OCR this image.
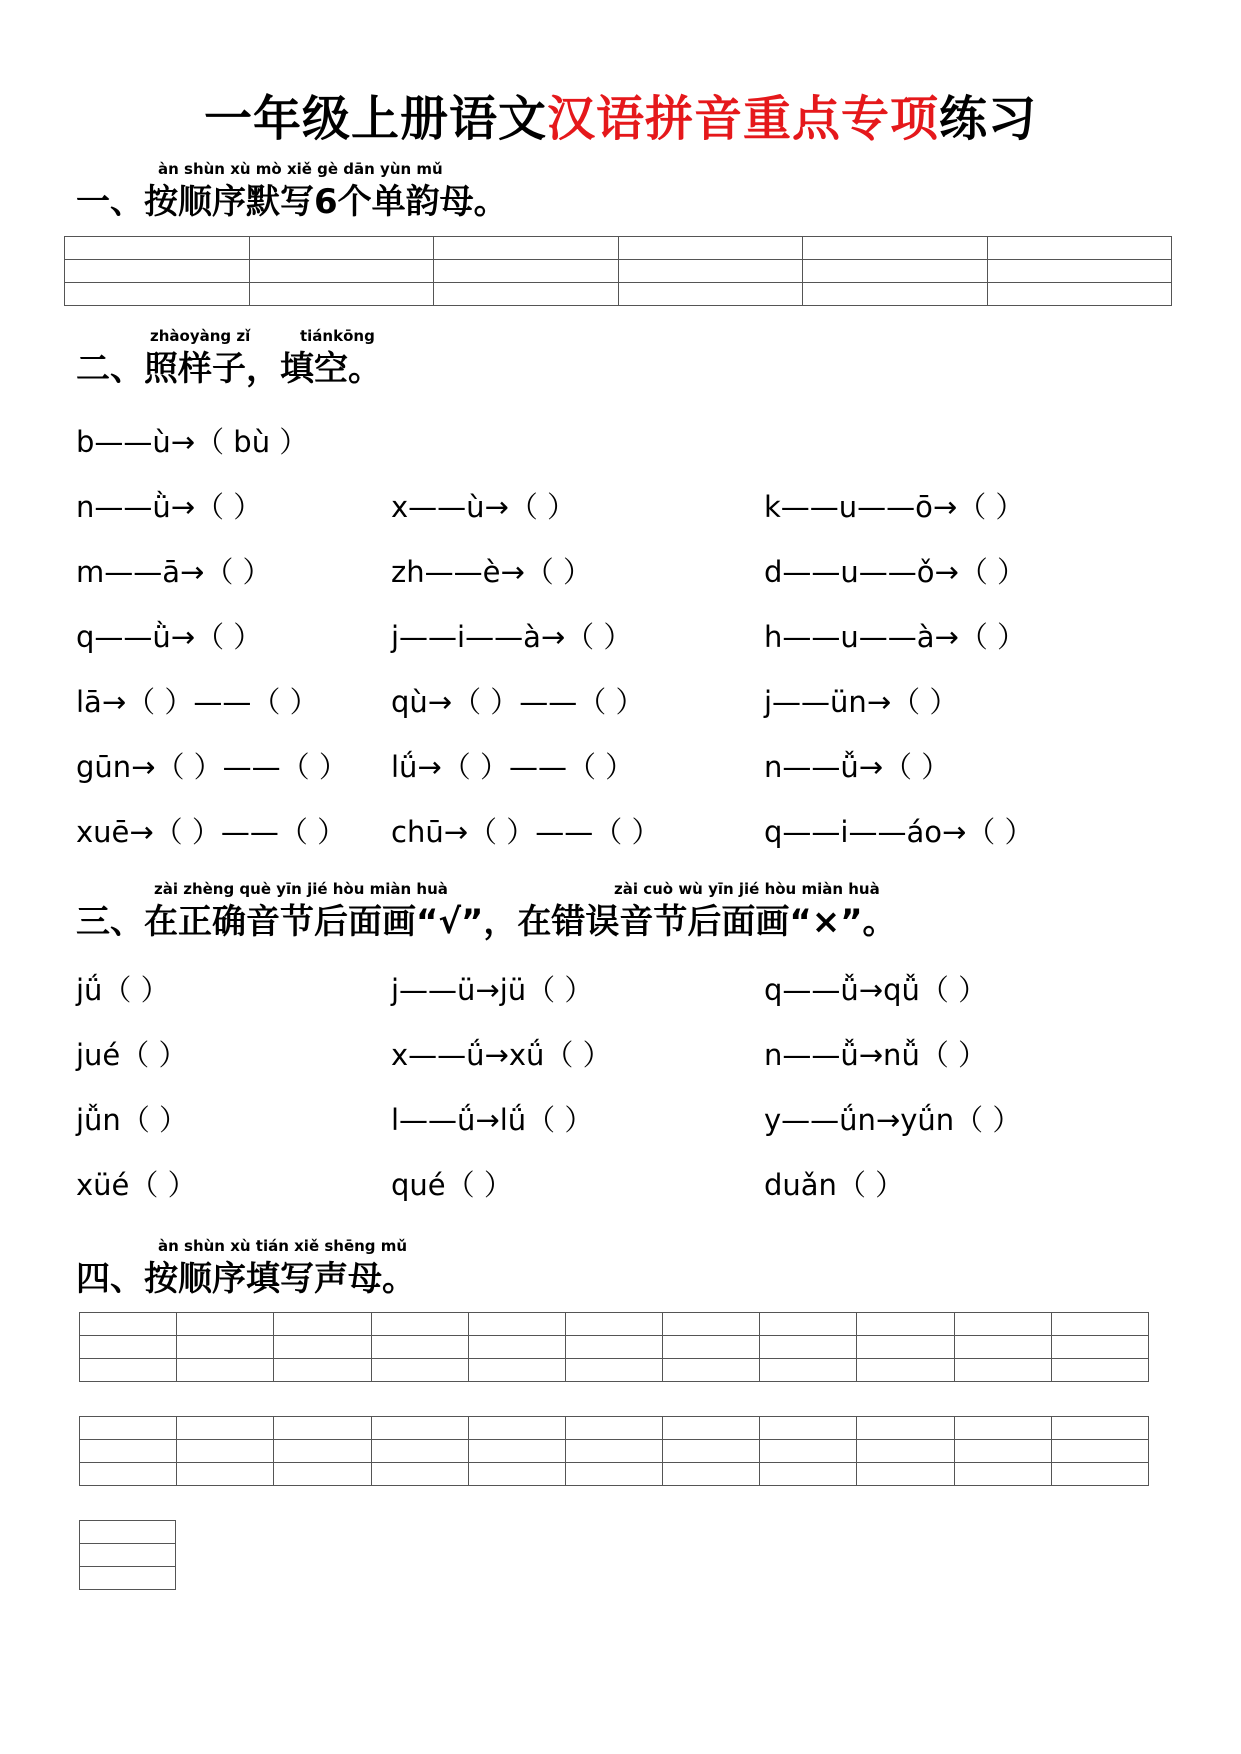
一年级上册语文汉语拼音重点专项练习
àn shùn xù mò xiě gè dān yùn mǔ
一、按顺序默写6个单韵母。

zhàoyàng zǐ	tiánkōng
二、照样子，填空。
b——ù→（ bù ）
n——ǜ→（ ）	x——ù→（ ）	k——u——ō→（ ）
m——ā→（ ）	zh——è→（ ）	d——u——ǒ→（ ）
q——ǜ→（ ）	j——i——à→（ ）	h——u——à→（ ）
lā→（ ）——（ ） qù→（ ）——（ ）	j——ün→（ ）
gūn→（ ）——（ ） lǘ→（ ）——（ ）	n——ǚ→（ ）
xuē→（ ）——（ ） chū→（ ）——（ ）	q——i——áo→（ ）
zài zhèng què yīn jié hòu miàn huà	zài cuò wù yīn jié hòu miàn huà
三、在正确音节后面画“√”，在错误音节后面画“×”。
jǘ（ ）	j——ü→jü（ ）	q——ǚ→qǚ（ ）
jué（ ）	x——ǘ→xǘ（ ）	n——ǚ→nǚ（ ）
jǚn（ ）	l——ǘ→lǘ（ ）	y——ǘn→yǘn（ ）
xüé（ ）	qué（ ）	duǎn（ ）
àn shùn xù tián xiě shēng mǔ
四、按顺序填写声母。
